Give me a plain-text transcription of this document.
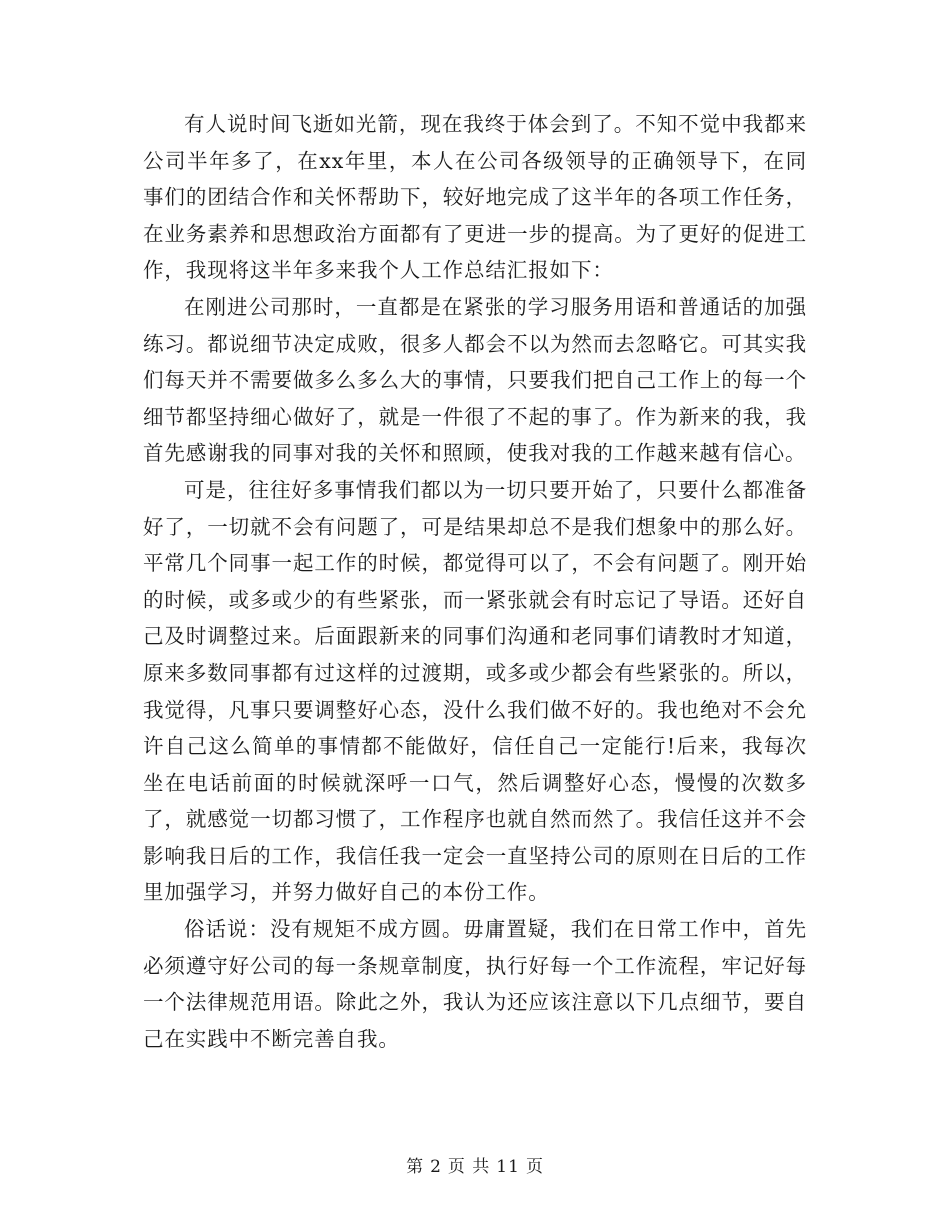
有人说时间飞逝如光箭，现在我终于体会到了。不知不觉中我都来公司半年多了，在xx年里，本人在公司各级领导的正确领导下，在同事们的团结合作和关怀帮助下，较好地完成了这半年的各项工作任务，在业务素养和思想政治方面都有了更进一步的提高。为了更好的促进工作，我现将这半年多来我个人工作总结汇报如下：

在刚进公司那时，一直都是在紧张的学习服务用语和普通话的加强练习。都说细节决定成败，很多人都会不以为然而去忽略它。可其实我们每天并不需要做多么多么大的事情，只要我们把自己工作上的每一个细节都坚持细心做好了，就是一件很了不起的事了。作为新来的我，我首先感谢我的同事对我的关怀和照顾，使我对我的工作越来越有信心。

可是，往往好多事情我们都以为一切只要开始了，只要什么都准备好了，一切就不会有问题了，可是结果却总不是我们想象中的那么好。平常几个同事一起工作的时候，都觉得可以了，不会有问题了。刚开始的时候，或多或少的有些紧张，而一紧张就会有时忘记了导语。还好自己及时调整过来。后面跟新来的同事们沟通和老同事们请教时才知道，原来多数同事都有过这样的过渡期，或多或少都会有些紧张的。所以，我觉得，凡事只要调整好心态，没什么我们做不好的。我也绝对不会允许自己这么简单的事情都不能做好，信任自己一定能行!后来，我每次坐在电话前面的时候就深呼一口气，然后调整好心态，慢慢的次数多了，就感觉一切都习惯了，工作程序也就自然而然了。我信任这并不会影响我日后的工作，我信任我一定会一直坚持公司的原则在日后的工作里加强学习，并努力做好自己的本份工作。

俗话说：没有规矩不成方圆。毋庸置疑，我们在日常工作中，首先必须遵守好公司的每一条规章制度，执行好每一个工作流程，牢记好每一个法律规范用语。除此之外，我认为还应该注意以下几点细节，要自己在实践中不断完善自我。

第 2 页 共 11 页
